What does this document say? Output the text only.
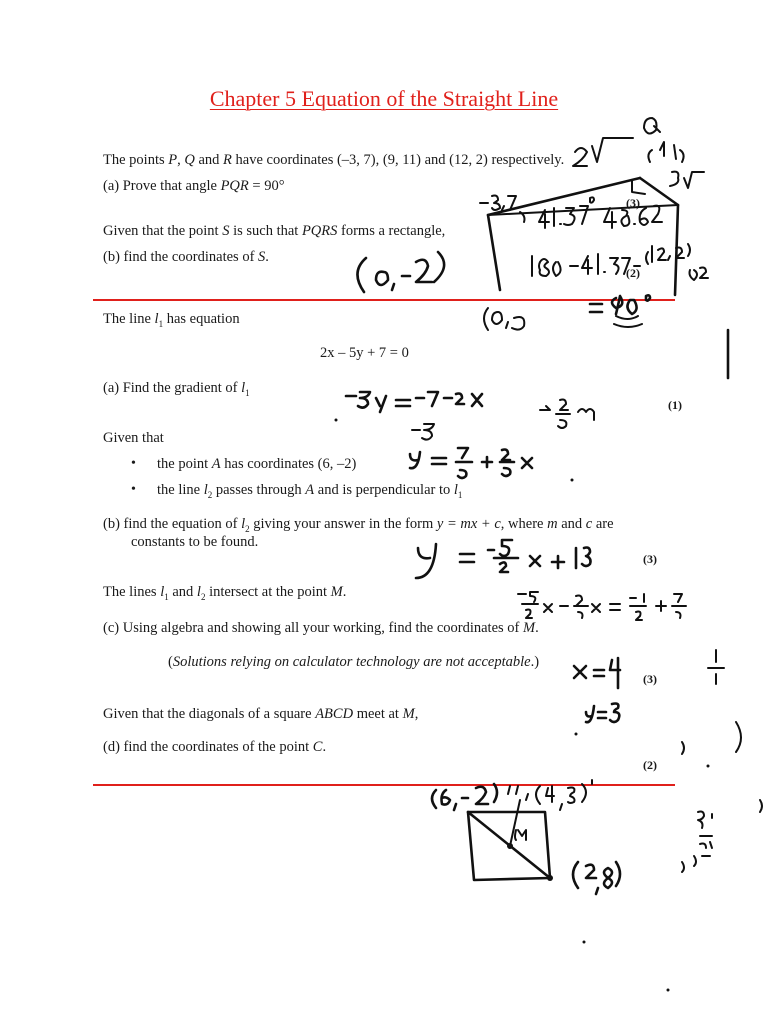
Chapter 5 Equation of the Straight Line
The points P, Q and R have coordinates (–3, 7), (9, 11) and (12, 2) respectively.
(a) Prove that angle PQR = 90°
(3)
Given that the point S is such that PQRS forms a rectangle,
(b) find the coordinates of S.
(2)
The line $l_1$ has equation
2x – 5y + 7 = 0
(a) Find the gradient of $l_1$
(1)
Given that
• the point A has coordinates (6, –2)
• the line $l_2$ passes through A and is perpendicular to $l_1$
(b) find the equation of $l_2$ giving your answer in the form y = mx + c, where m and c are
constants to be found.
(3)
The lines $l_1$ and $l_2$ intersect at the point M.
(c) Using algebra and showing all your working, find the coordinates of M.
(Solutions relying on calculator technology are not acceptable.)
(3)
Given that the diagonals of a square ABCD meet at M,
(d) find the coordinates of the point C.
(2)
